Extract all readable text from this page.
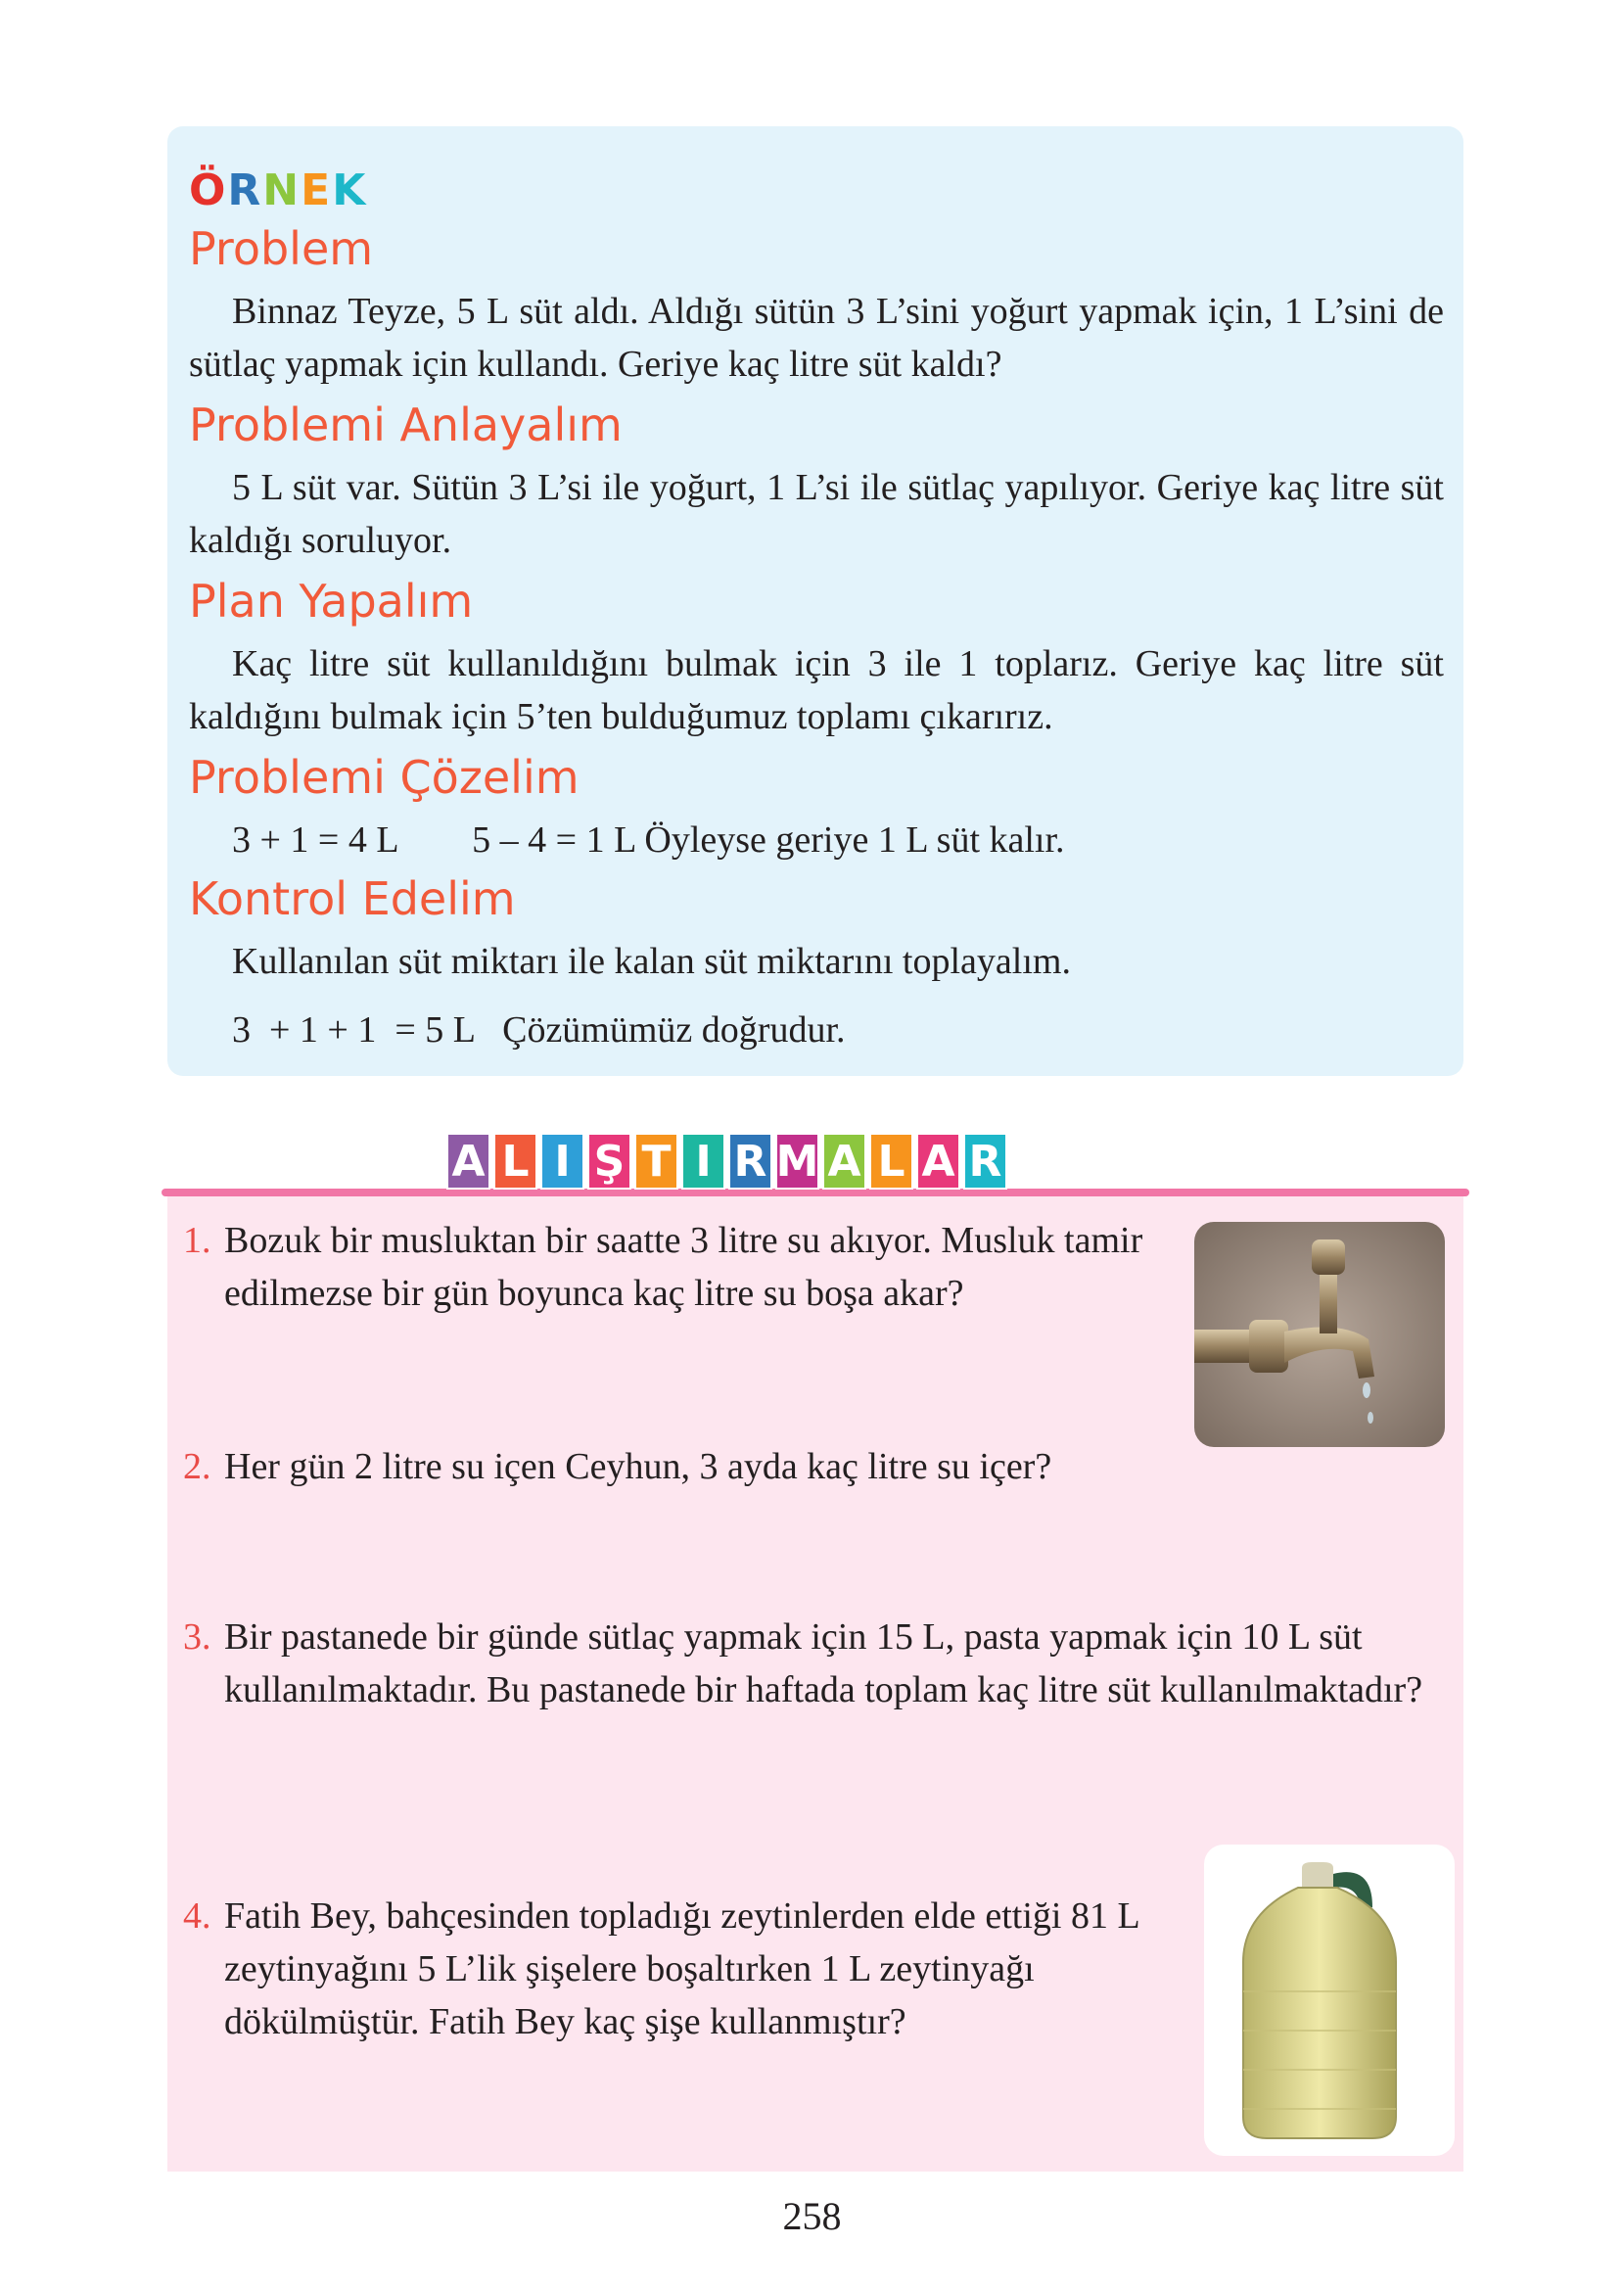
Ö R N E K
Problem

Binnaz Teyze, 5 L süt aldı. Aldığı sütün 3 L’sini yoğurt yapmak için, 1 L’sini de sütlaç yapmak için kullandı. Geriye kaç litre süt kaldı?

Problemi Anlayalım

5 L süt var. Sütün 3 L’si ile yoğurt, 1 L’si ile sütlaç yapılıyor. Geriye kaç litre süt kaldığı soruluyor.

Plan Yapalım

Kaç litre süt kullanıldığını bulmak için 3 ile 1 toplarız. Geriye kaç litre süt kaldığını bulmak için 5’ten bulduğumuz toplamı çıkarırız.

Problemi Çözelim
3 + 1 = 4 L        5 – 4 = 1 L Öyleyse geriye 1 L süt kalır.
Kontrol Edelim
Kullanılan süt miktarı ile kalan süt miktarını toplayalım.
3  + 1 + 1  = 5 L   Çözümümüz doğrudur.
A L I Ş T I R M A L A R
1. Bozuk bir musluktan bir saatte 3 litre su akıyor. Musluk tamir edilmezse bir gün boyunca kaç litre su boşa akar?
2. Her gün 2 litre su içen Ceyhun, 3 ayda kaç litre su içer?
3. Bir pastanede bir günde sütlaç yapmak için 15 L, pasta yapmak için 10 L süt kullanılmaktadır. Bu pastanede bir haftada toplam kaç litre süt kullanılmaktadır?
4. Fatih Bey, bahçesinden topladığı zeytinlerden elde ettiği 81 L zeytinyağını 5 L’lik şişelere boşaltırken 1 L zeytinyağı dökülmüştür. Fatih Bey kaç şişe kullanmıştır?
258
